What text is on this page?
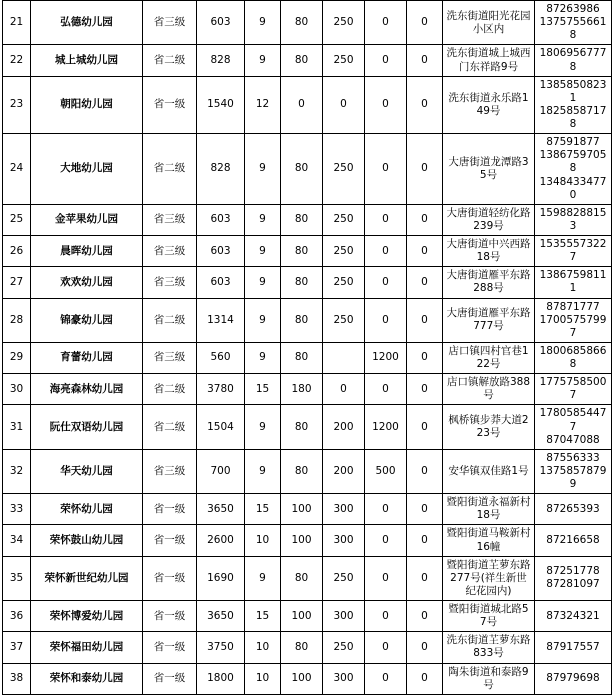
21	弘德幼儿园	省三级	603	9	80	250	0	0	洗东街道阳光花园小区内	87263986
13757556618

22	城上城幼儿园	省二级	828	9	80	250	0	0	洗东街道城上城西门东祥路9号	18069567778
23	朝阳幼儿园	省一级	1540	12	0	0	0	0	洗东街道永乐路149号	13858508231
18258587178

24	大地幼儿园	省二级	828	9	80	250	0	0	大唐街道龙潭路35号	87591877
13867597058
13484334770

25	金苹果幼儿园	省三级	603	9	80	250	0	0	大唐街道轻纺化路239号	15988288153
26	晨晖幼儿园	省三级	603	9	80	250	0	0	大唐街道中兴西路18号	15355573227
27	欢欢幼儿园	省三级	603	9	80	250	0	0	大唐街道雁平东路288号	13867598111
28	锦豪幼儿园	省二级	1314	9	80	250	0	0	大唐街道雁平东路777号	87871777
17005757997

29	育蕾幼儿园	省三级	560	9	80		1200	0	店口镇四村官巷122号	18006858668
30	海亮森林幼儿园	省二级	3780	15	180	0	0	0	店口镇解放路388号	17757585007
31	阮仕双语幼儿园	省二级	1504	9	80	200	1200	0	枫桥镇步莽大道223号	17805854477
87047088

32	华天幼儿园	省三级	700	9	80	200	500	0	安华镇双佳路1号	87556333
13758578799

33	荣怀幼儿园	省一级	3650	15	100	300	0	0	暨阳街道永福新村18号	87265393
34	荣怀鼓山幼儿园	省一级	2600	10	100	300	0	0	暨阳街道马鞍新村16幢	87216658
35	荣怀新世纪幼儿园	省一级	1690	9	80	250	0	0	暨阳街道芏萝东路277号(祥生新世纪花园内)	87251778
87281097

36	荣怀博爱幼儿园	省一级	3650	15	100	300	0	0	暨阳街道城北路57号	87324321
37	荣怀福田幼儿园	省一级	3750	10	80	250	0	0	洗东街道芏萝东路833号	87917557
38	荣怀和泰幼儿园	省一级	1800	10	100	300	0	0	陶朱街道和泰路9号	87979698
